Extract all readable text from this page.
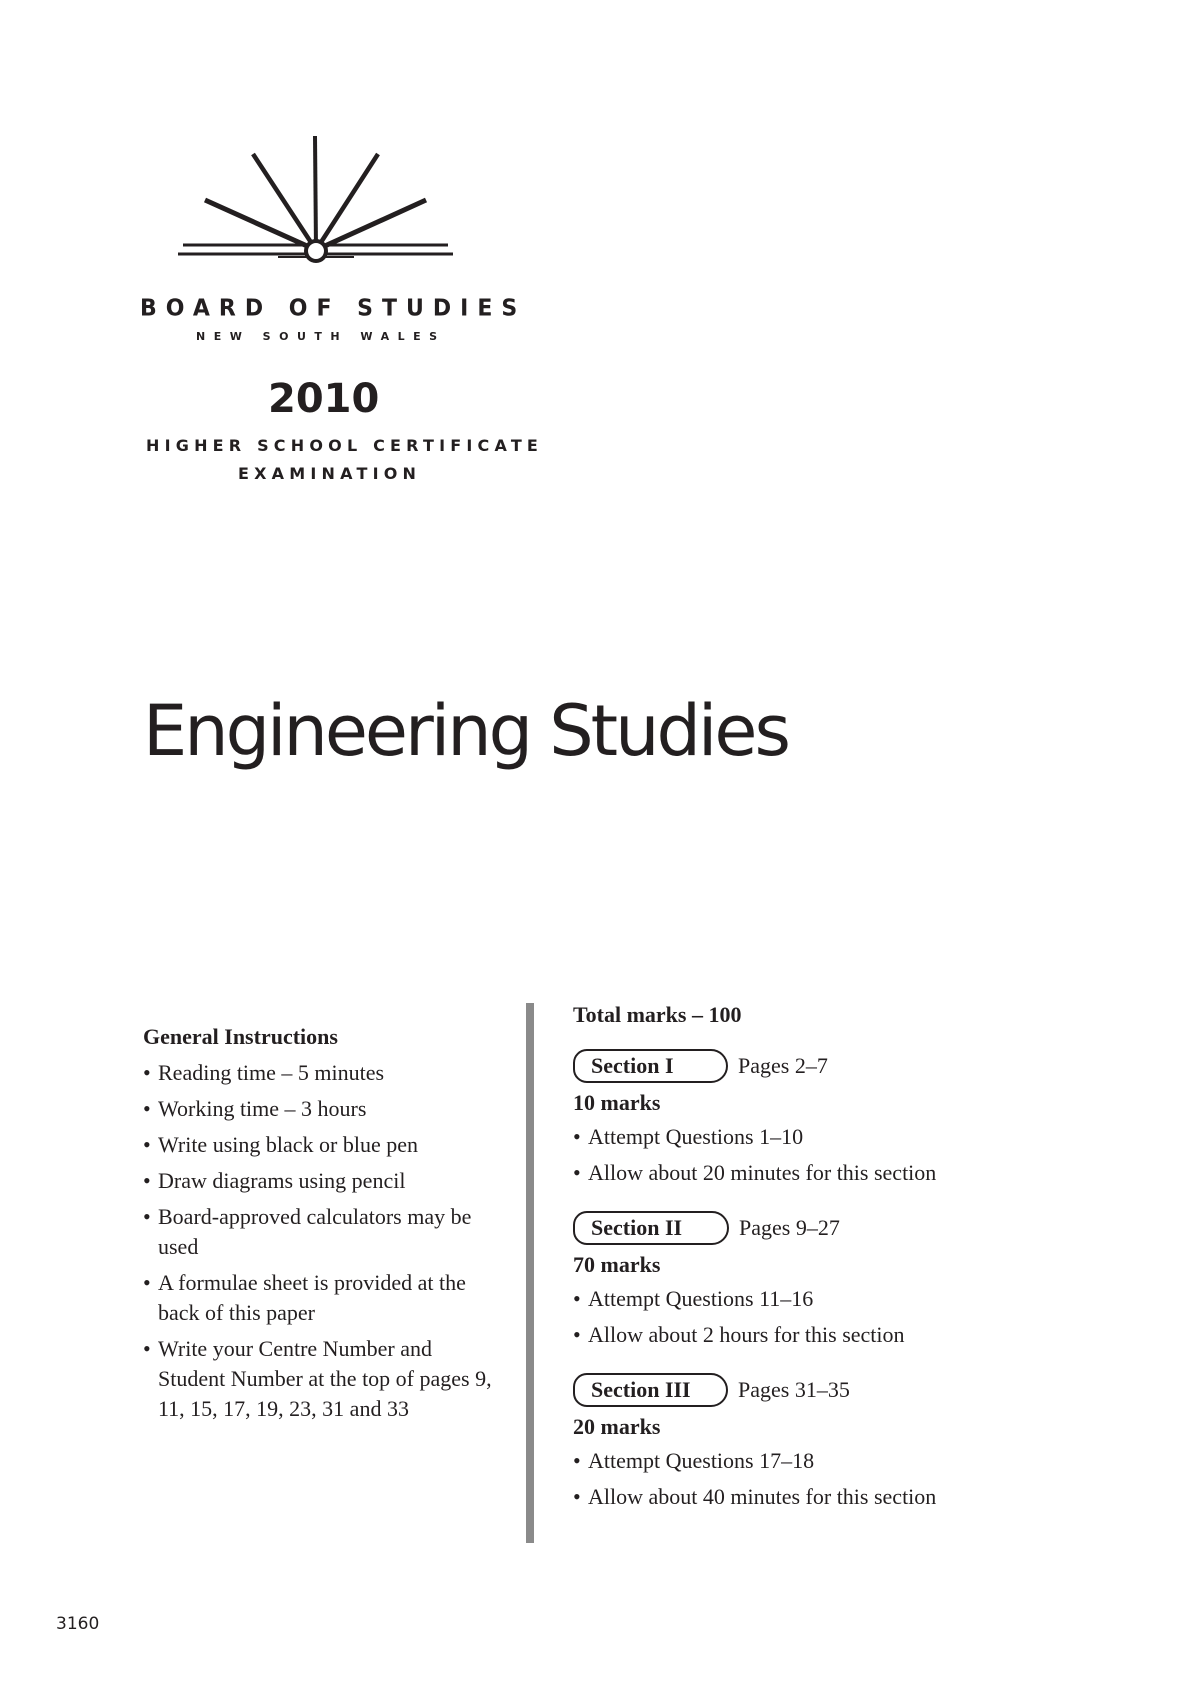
BOARD OF STUDIES
NEW SOUTH WALES
2010
HIGHER SCHOOL CERTIFICATE
EXAMINATION
Engineering Studies
General Instructions
• Reading time – 5 minutes
• Working time – 3 hours
• Write using black or blue pen
• Draw diagrams using pencil
• Board-approved calculators may be used
• A formulae sheet is provided at the back of this paper
• Write your Centre Number and Student Number at the top of pages 9, 11, 15, 17, 19, 23, 31 and 33
Total marks – 100
Section I	Pages 2–7
10 marks
• Attempt Questions 1–10
• Allow about 20 minutes for this section
Section II	Pages 9–27
70 marks
• Attempt Questions 11–16
• Allow about 2 hours for this section
Section III	Pages 31–35
20 marks
• Attempt Questions 17–18
• Allow about 40 minutes for this section
3160
